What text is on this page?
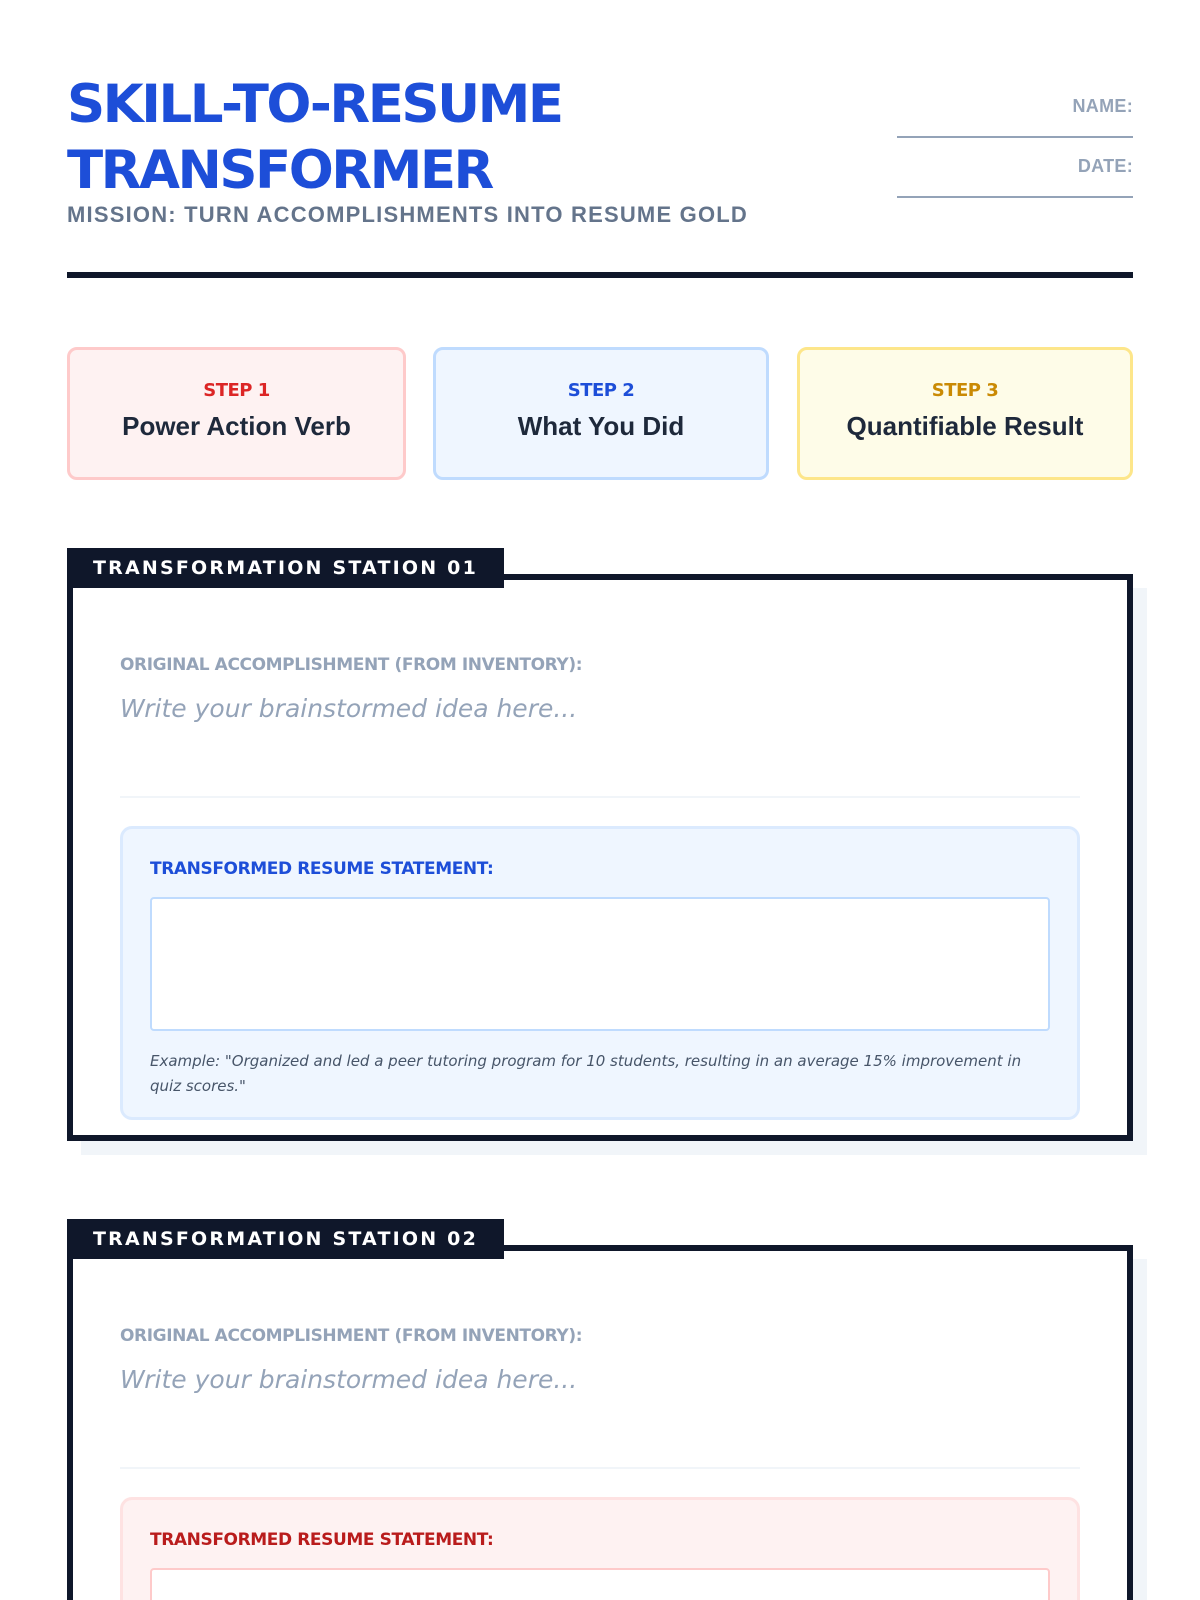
SKILL-TO-RESUME
TRANSFORMER
MISSION: TURN ACCOMPLISHMENTS INTO RESUME GOLD
NAME:
DATE:
STEP 1
Power Action Verb
STEP 2
What You Did
STEP 3
Quantifiable Result
ORIGINAL ACCOMPLISHMENT (FROM INVENTORY):
Write your brainstormed idea here...
TRANSFORMED RESUME STATEMENT:
Example: "Organized and led a peer tutoring program for 10 students, resulting in an average 15% improvement in quiz scores."
TRANSFORMATION STATION 01
ORIGINAL ACCOMPLISHMENT (FROM INVENTORY):
Write your brainstormed idea here...
TRANSFORMED RESUME STATEMENT:
TRANSFORMATION STATION 02
